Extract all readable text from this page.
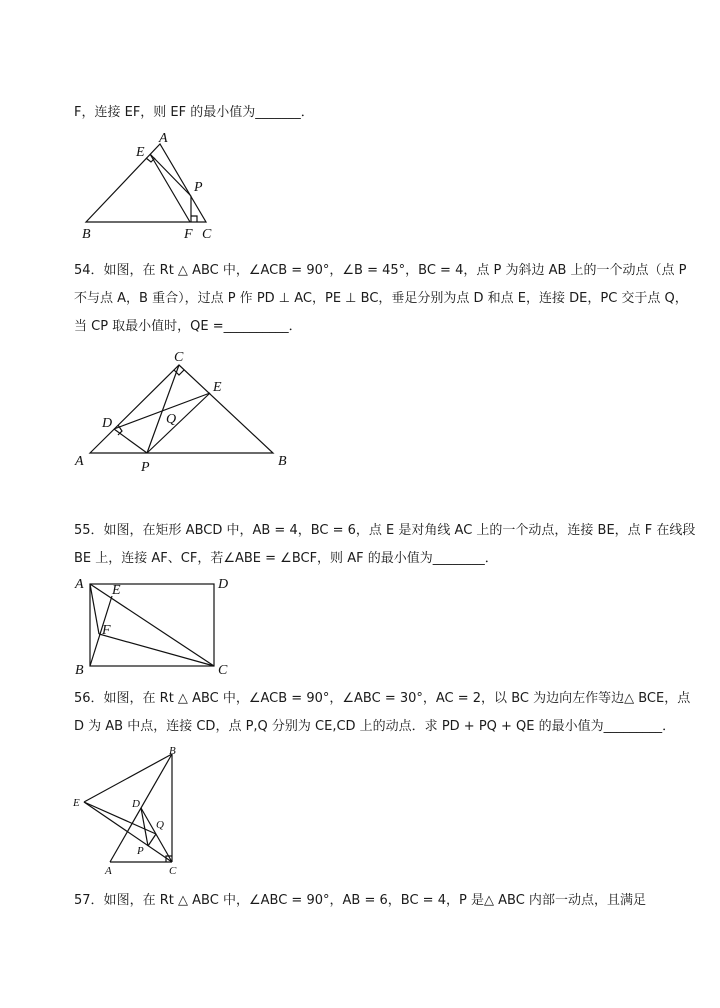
F，连接 EF，则 EF 的最小值为_______．
A
E
P
B	F C
54．如图，在 Rt △ ABC 中，∠ACB = 90°，∠B = 45°，BC = 4，点 P 为斜边 AB 上的一个动点（点 P
不与点 A，B 重合），过点 P 作 PD ⊥ AC，PE ⊥ BC，垂足分别为点 D 和点 E，连接 DE，PC 交于点 Q，
当 CP 取最小值时，QE =__________．
C
E
D	Q
A	P	B
55．如图，在矩形 ABCD 中，AB = 4，BC = 6，点 E 是对角线 AC 上的一个动点，连接 BE，点 F 在线段
BE 上，连接 AF、CF，若∠ABE = ∠BCF，则 AF 的最小值为________．
A E	D
F
B	C
56．如图，在 Rt △ ABC 中，∠ACB = 90°，∠ABC = 30°，AC = 2，以 BC 为边向左作等边△ BCE，点
D 为 AB 中点，连接 CD，点 P,Q 分别为 CE,CD 上的动点．求 PD + PQ + QE 的最小值为_________．
B
E	D
Q
P
A	C
57．如图，在 Rt △ ABC 中，∠ABC = 90°，AB = 6，BC = 4，P 是△ ABC 内部一动点，且满足
